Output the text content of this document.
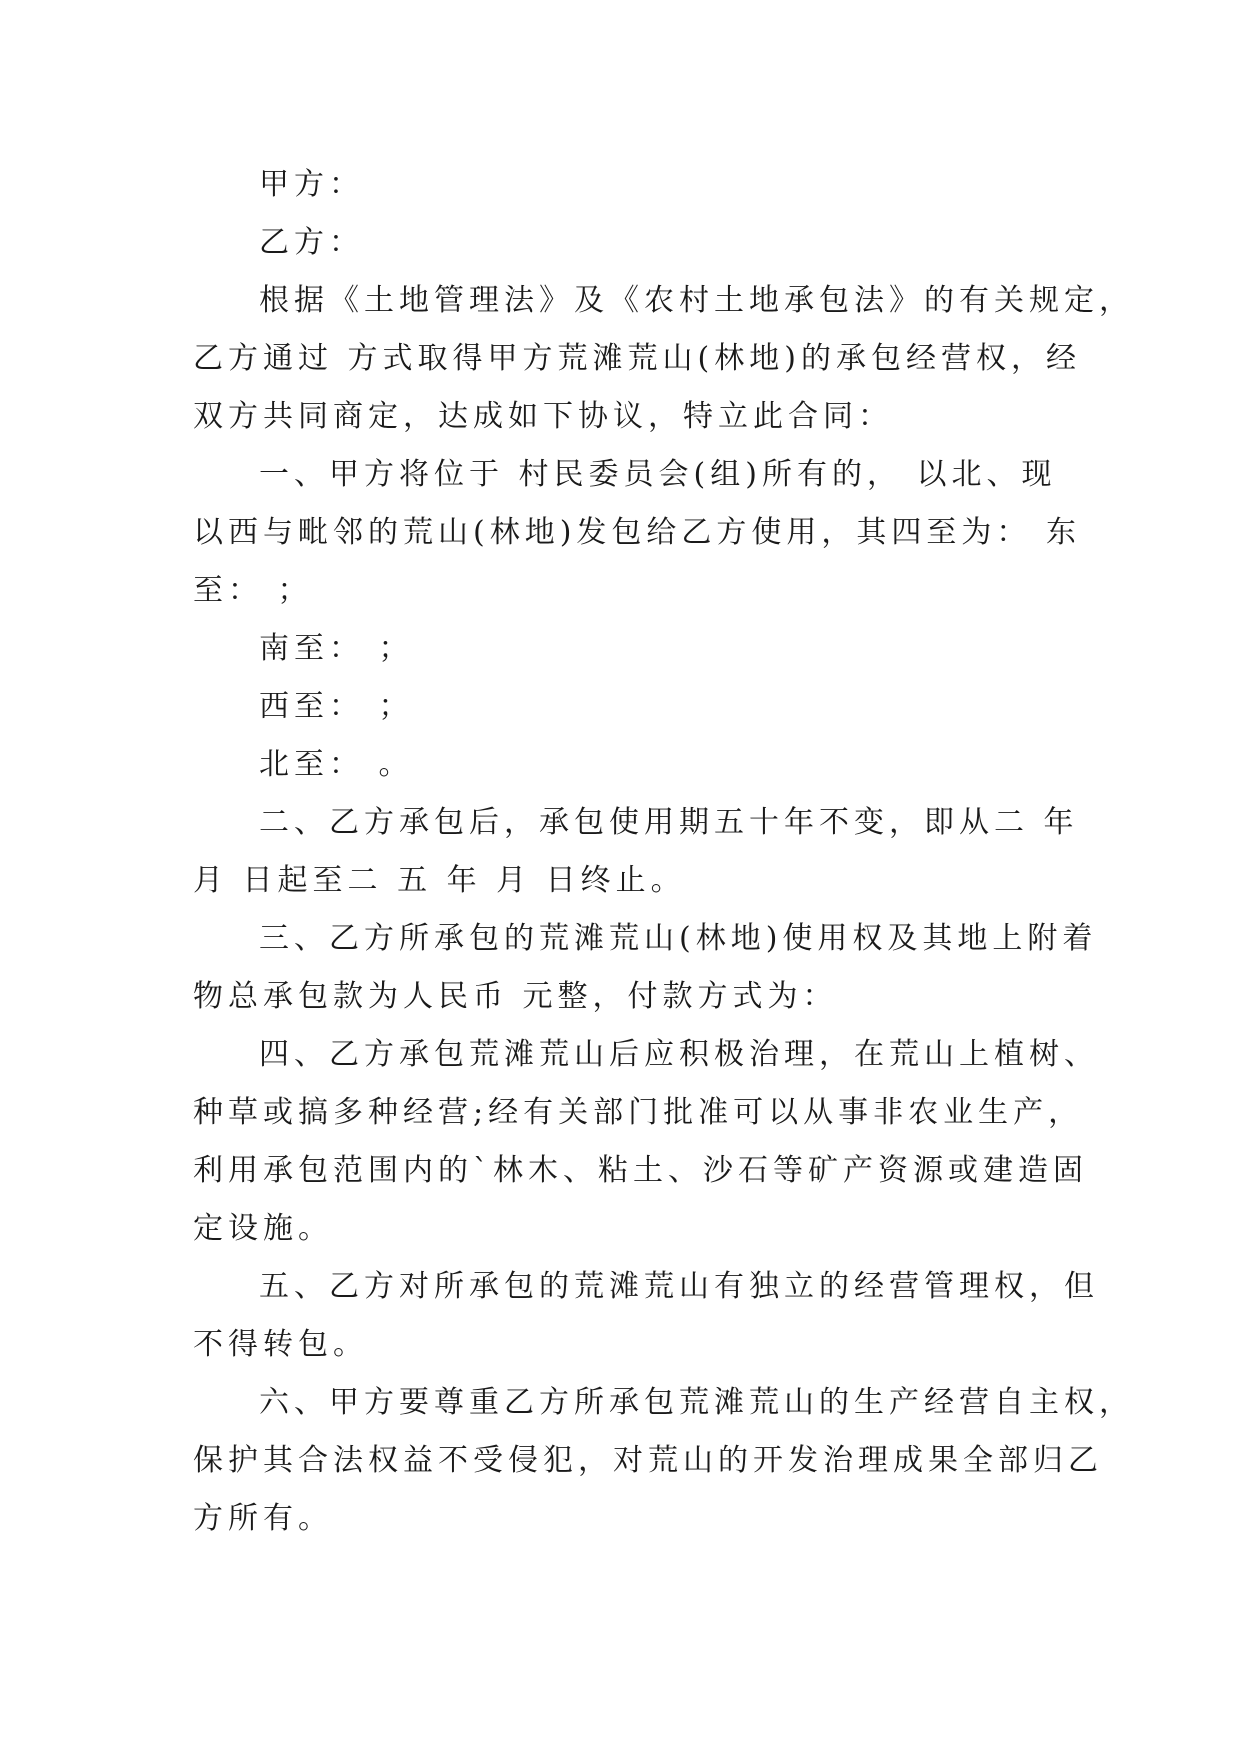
甲方：
乙方：
根据《土地管理法》及《农村土地承包法》的有关规定，
乙方通过 方式取得甲方荒滩荒山(林地)的承包经营权，经
双方共同商定，达成如下协议，特立此合同：
一、甲方将位于 村民委员会(组)所有的， 以北、现
以西与毗邻的荒山(林地)发包给乙方使用，其四至为： 东
至： ；
南至： ；
西至： ；
北至： 。
二、乙方承包后，承包使用期五十年不变，即从二 年
月 日起至二 五 年 月 日终止。
三、乙方所承包的荒滩荒山(林地)使用权及其地上附着
物总承包款为人民币 元整，付款方式为：
四、乙方承包荒滩荒山后应积极治理，在荒山上植树、
种草或搞多种经营;经有关部门批准可以从事非农业生产，
利用承包范围内的`林木、粘土、沙石等矿产资源或建造固
定设施。
五、乙方对所承包的荒滩荒山有独立的经营管理权，但
不得转包。
六、甲方要尊重乙方所承包荒滩荒山的生产经营自主权，
保护其合法权益不受侵犯，对荒山的开发治理成果全部归乙
方所有。
